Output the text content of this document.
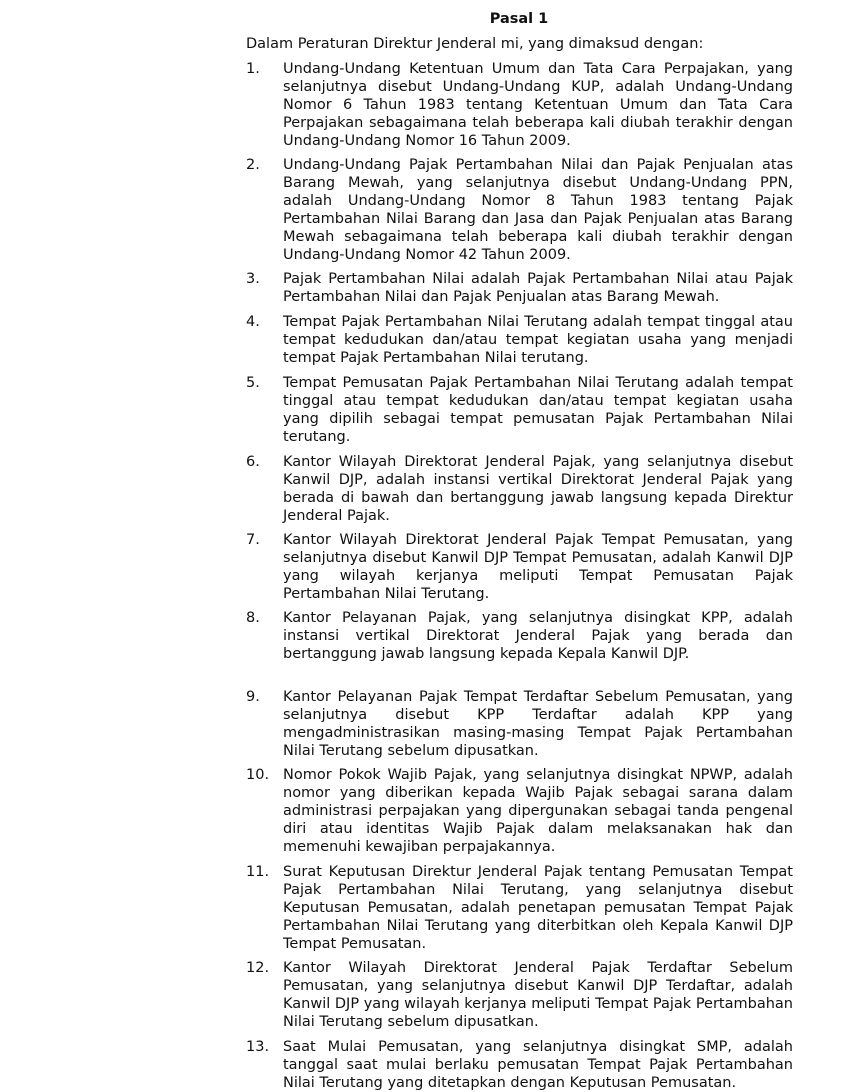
Pasal 1
Dalam Peraturan Direktur Jenderal mi, yang dimaksud dengan:
1.	Undang-Undang Ketentuan Umum dan Tata Cara Perpajakan, yang selanjutnya disebut Undang-Undang KUP, adalah Undang-Undang Nomor 6 Tahun 1983 tentang Ketentuan Umum dan Tata Cara Perpajakan sebagaimana telah beberapa kali diubah terakhir dengan Undang-Undang Nomor 16 Tahun 2009.
2.	Undang-Undang Pajak Pertambahan Nilai dan Pajak Penjualan atas Barang Mewah, yang selanjutnya disebut Undang-Undang PPN, adalah Undang-Undang Nomor 8 Tahun 1983 tentang Pajak Pertambahan Nilai Barang dan Jasa dan Pajak Penjualan atas Barang Mewah sebagaimana telah beberapa kali diubah terakhir dengan Undang-Undang Nomor 42 Tahun 2009.
3.	Pajak Pertambahan Nilai adalah Pajak Pertambahan Nilai atau Pajak Pertambahan Nilai dan Pajak Penjualan atas Barang Mewah.
4.	Tempat Pajak Pertambahan Nilai Terutang adalah tempat tinggal atau tempat kedudukan dan/atau tempat kegiatan usaha yang menjadi tempat Pajak Pertambahan Nilai terutang.
5.	Tempat Pemusatan Pajak Pertambahan Nilai Terutang adalah tempat tinggal atau tempat kedudukan dan/atau tempat kegiatan usaha yang dipilih sebagai tempat pemusatan Pajak Pertambahan Nilai terutang.
6.	Kantor Wilayah Direktorat Jenderal Pajak, yang selanjutnya disebut Kanwil DJP, adalah instansi vertikal Direktorat Jenderal Pajak yang berada di bawah dan bertanggung jawab langsung kepada Direktur Jenderal Pajak.
7.	Kantor Wilayah Direktorat Jenderal Pajak Tempat Pemusatan, yang selanjutnya disebut Kanwil DJP Tempat Pemusatan, adalah Kanwil DJP yang wilayah kerjanya meliputi Tempat Pemusatan Pajak Pertambahan Nilai Terutang.
8.	Kantor Pelayanan Pajak, yang selanjutnya disingkat KPP, adalah instansi vertikal Direktorat Jenderal Pajak yang berada dan bertanggung jawab langsung kepada Kepala Kanwil DJP.
9.	Kantor Pelayanan Pajak Tempat Terdaftar Sebelum Pemusatan, yang selanjutnya disebut KPP Terdaftar adalah KPP yang mengadministrasikan masing-masing Tempat Pajak Pertambahan Nilai Terutang sebelum dipusatkan.
10. Nomor Pokok Wajib Pajak, yang selanjutnya disingkat NPWP, adalah nomor yang diberikan kepada Wajib Pajak sebagai sarana dalam administrasi perpajakan yang dipergunakan sebagai tanda pengenal diri atau identitas Wajib Pajak dalam melaksanakan hak dan memenuhi kewajiban perpajakannya.
11. Surat Keputusan Direktur Jenderal Pajak tentang Pemusatan Tempat Pajak Pertambahan Nilai Terutang, yang selanjutnya disebut Keputusan Pemusatan, adalah penetapan pemusatan Tempat Pajak Pertambahan Nilai Terutang yang diterbitkan oleh Kepala Kanwil DJP Tempat Pemusatan.
12. Kantor Wilayah Direktorat Jenderal Pajak Terdaftar Sebelum Pemusatan, yang selanjutnya disebut Kanwil DJP Terdaftar, adalah Kanwil DJP yang wilayah kerjanya meliputi Tempat Pajak Pertambahan Nilai Terutang sebelum dipusatkan.
13. Saat Mulai Pemusatan, yang selanjutnya disingkat SMP, adalah tanggal saat mulai berlaku pemusatan Tempat Pajak Pertambahan Nilai Terutang yang ditetapkan dengan Keputusan Pemusatan.
